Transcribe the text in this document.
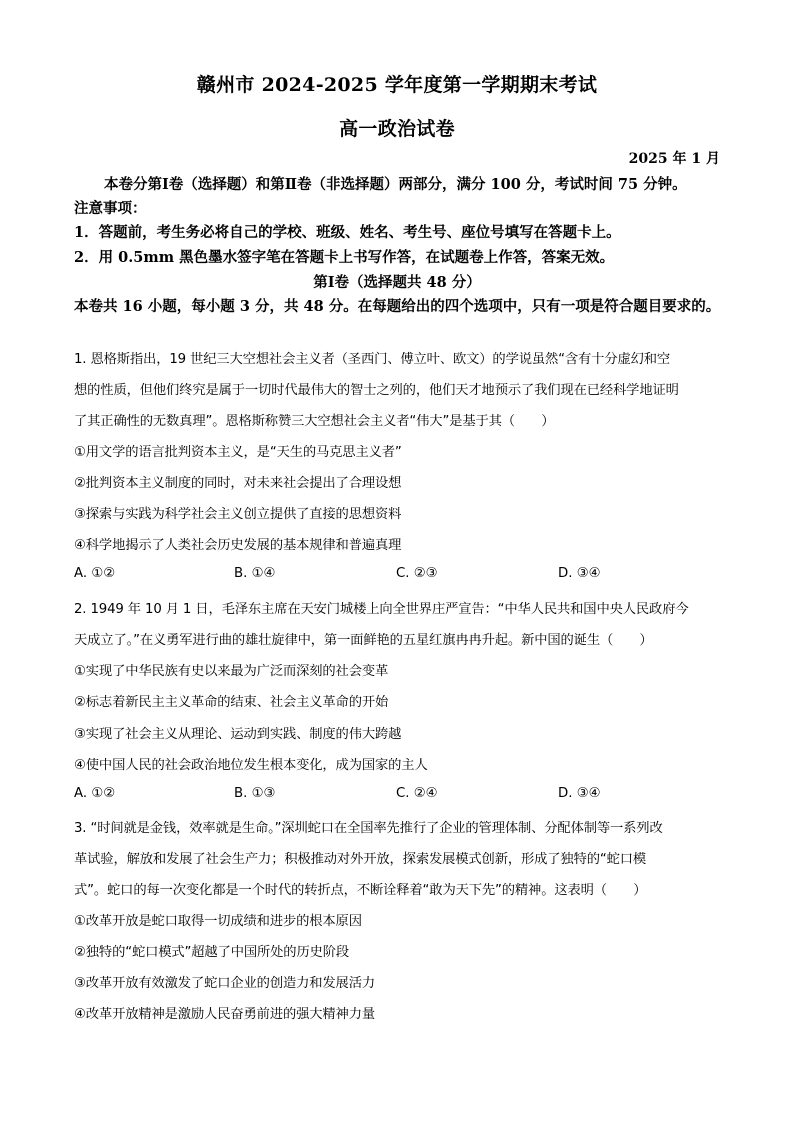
赣州市 2024-2025 学年度第一学期期末考试
高一政治试卷
2025 年 1 月
本卷分第Ⅰ卷（选择题）和第Ⅱ卷（非选择题）两部分，满分 100 分，考试时间 75 分钟。
注意事项：
1．答题前，考生务必将自己的学校、班级、姓名、考生号、座位号填写在答题卡上。
2．用 0.5mm 黑色墨水签字笔在答题卡上书写作答，在试题卷上作答，答案无效。
第Ⅰ卷（选择题共 48 分）
本卷共 16 小题，每小题 3 分，共 48 分。在每题给出的四个选项中，只有一项是符合题目要求的。
1. 恩格斯指出，19 世纪三大空想社会主义者（圣西门、傅立叶、欧文）的学说虽然“含有十分虚幻和空
想的性质，但他们终究是属于一切时代最伟大的智士之列的，他们天才地预示了我们现在已经科学地证明
了其正确性的无数真理”。恩格斯称赞三大空想社会主义者“伟大”是基于其（　　）
①用文学的语言批判资本主义，是“天生的马克思主义者”
②批判资本主义制度的同时，对未来社会提出了合理设想
③探索与实践为科学社会主义创立提供了直接的思想资料
④科学地揭示了人类社会历史发展的基本规律和普遍真理
A. ①②	B. ①④	C. ②③	D. ③④
2. 1949 年 10 月 1 日，毛泽东主席在天安门城楼上向全世界庄严宣告：“中华人民共和国中央人民政府今
天成立了。”在义勇军进行曲的雄壮旋律中，第一面鲜艳的五星红旗冉冉升起。新中国的诞生（　　）
①实现了中华民族有史以来最为广泛而深刻的社会变革
②标志着新民主主义革命的结束、社会主义革命的开始
③实现了社会主义从理论、运动到实践、制度的伟大跨越
④使中国人民的社会政治地位发生根本变化，成为国家的主人
A. ①②	B. ①③	C. ②④	D. ③④
3. “时间就是金钱，效率就是生命。”深圳蛇口在全国率先推行了企业的管理体制、分配体制等一系列改
革试验，解放和发展了社会生产力；积极推动对外开放，探索发展模式创新，形成了独特的“蛇口模
式”。蛇口的每一次变化都是一个时代的转折点，不断诠释着“敢为天下先”的精神。这表明（　　）
①改革开放是蛇口取得一切成绩和进步的根本原因
②独特的“蛇口模式”超越了中国所处的历史阶段
③改革开放有效激发了蛇口企业的创造力和发展活力
④改革开放精神是激励人民奋勇前进的强大精神力量
